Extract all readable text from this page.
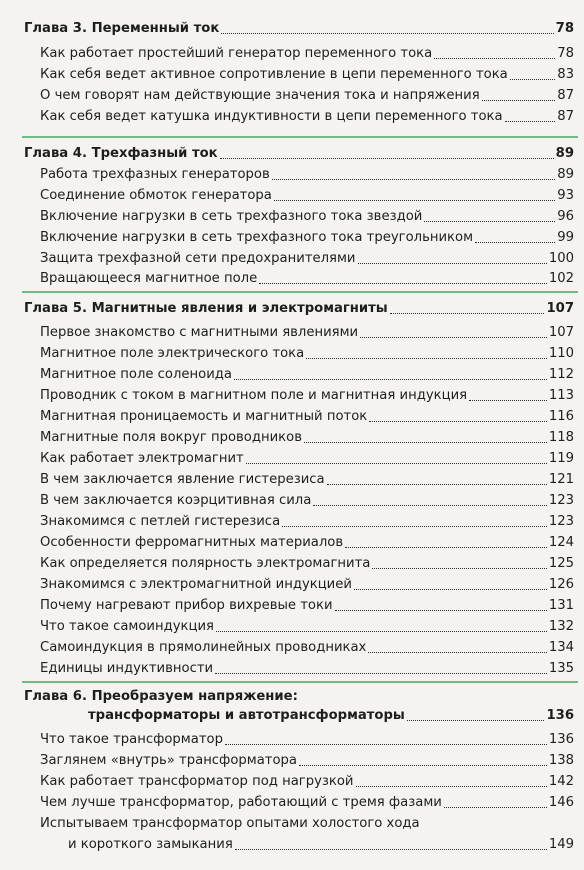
Глава 3. Переменный ток	78
Как работает простейший генератор переменного тока	78
Как себя ведет активное сопротивление в цепи переменного тока	83
О чем говорят нам действующие значения тока и напряжения	87
Как себя ведет катушка индуктивности в цепи переменного тока	87
Глава 4. Трехфазный ток	89
Работа трехфазных генераторов	89
Соединение обмоток генератора	93
Включение нагрузки в сеть трехфазного тока звездой	96
Включение нагрузки в сеть трехфазного тока треугольником	99
Защита трехфазной сети предохранителями	100
Вращающееся магнитное поле	102
Глава 5. Магнитные явления и электромагниты	107
Первое знакомство с магнитными явлениями	107
Магнитное поле электрического тока	110
Магнитное поле соленоида	112
Проводник с током в магнитном поле и магнитная индукция	113
Магнитная проницаемость и магнитный поток	116
Магнитные поля вокруг проводников	118
Как работает электромагнит	119
В чем заключается явление гистерезиса	121
В чем заключается коэрцитивная сила	123
Знакомимся с петлей гистерезиса	123
Особенности ферромагнитных материалов	124
Как определяется полярность электромагнита	125
Знакомимся с электромагнитной индукцией	126
Почему нагревают прибор вихревые токи	131
Что такое самоиндукция	132
Самоиндукция в прямолинейных проводниках	134
Единицы индуктивности	135
Глава 6. Преобразуем напряжение:
трансформаторы и автотрансформаторы	136
Что такое трансформатор	136
Заглянем «внутрь» трансформатора	138
Как работает трансформатор под нагрузкой	142
Чем лучше трансформатор, работающий с тремя фазами	146
Испытываем трансформатор опытами холостого хода
и короткого замыкания	149
